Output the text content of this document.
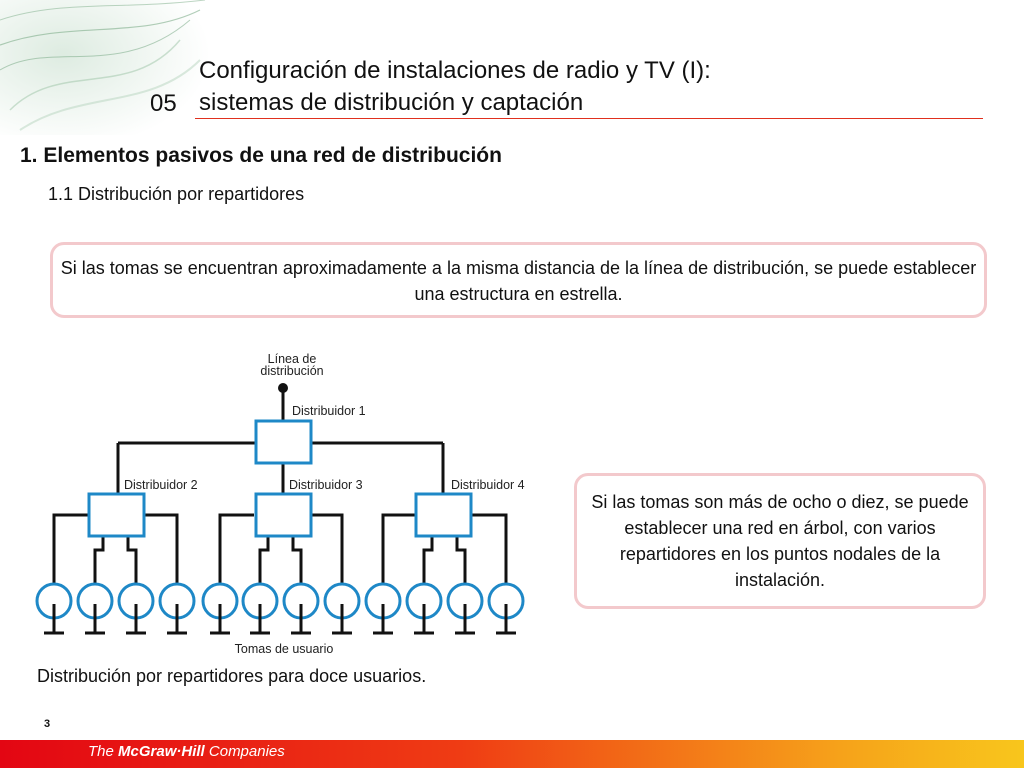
05
Configuración de instalaciones de radio y TV (I):
sistemas de distribución y captación
1. Elementos pasivos de una red de distribución
1.1 Distribución por repartidores
Si las tomas se encuentran aproximadamente a la misma distancia de la línea de distribución, se puede establecer una estructura en estrella.
Línea de
distribución
Distribuidor 1
Distribuidor 2	Distribuidor 3	Distribuidor 4
Tomas de usuario
Si las tomas son más de ocho o diez, se puede establecer una red en árbol, con varios repartidores en los puntos nodales de la instalación.
Distribución por repartidores para doce usuarios.
3
The McGraw·Hill Companies
